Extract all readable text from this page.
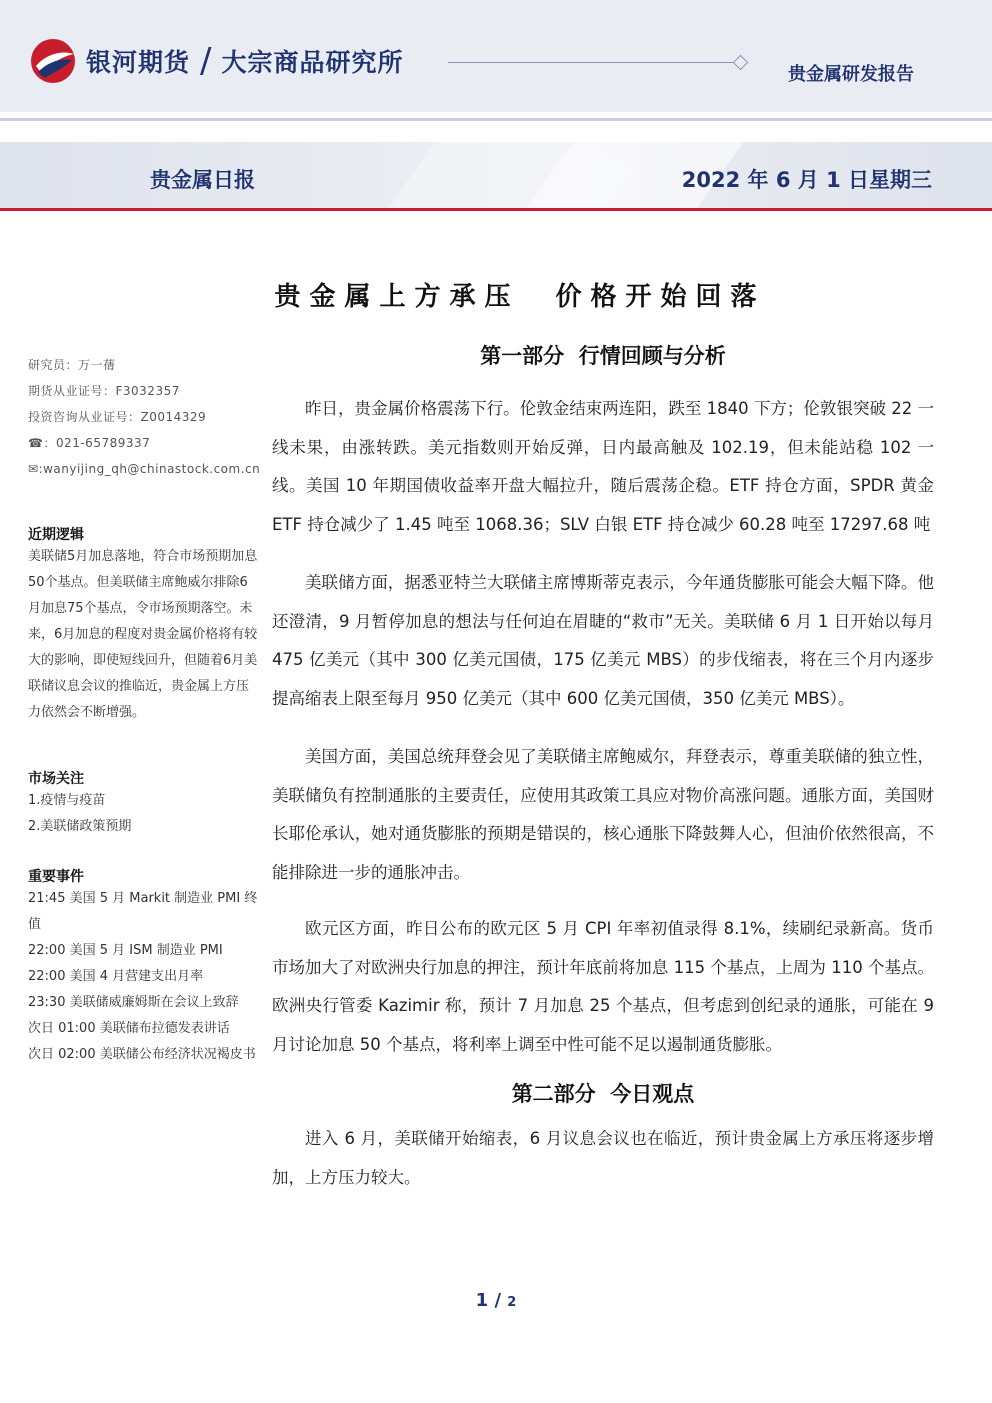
银河期货 / 大宗商品研究所	贵金属研发报告
贵金属日报	2022 年 6 月 1 日星期三
贵金属上方承压  价格开始回落
研究员：万一蒨
期货从业证号：F3032357
投资咨询从业证号：Z0014329
☎：021-65789337
✉:wanyijing_qh@chinastock.com.cn
近期逻辑
美联储5月加息落地，符合市场预期加息50个基点。但美联储主席鲍威尔排除6月加息75个基点，令市场预期落空。未来，6月加息的程度对贵金属价格将有较大的影响，即使短线回升，但随着6月美联储议息会议的推临近，贵金属上方压力依然会不断增强。
市场关注
1.疫情与疫苗
2.美联储政策预期
重要事件
21:45 美国 5 月 Markit 制造业 PMI 终值
22:00 美国 5 月 ISM 制造业 PMI
22:00 美国 4 月营建支出月率
23:30 美联储威廉姆斯在会议上致辞
次日 01:00 美联储布拉德发表讲话
次日 02:00 美联储公布经济状况褐皮书
第一部分  行情回顾与分析

昨日，贵金属价格震荡下行。伦敦金结束两连阳，跌至 1840 下方；伦敦银突破 22 一线未果，由涨转跌。美元指数则开始反弹，日内最高触及 102.19，但未能站稳 102 一线。美国 10 年期国债收益率开盘大幅拉升，随后震荡企稳。ETF 持仓方面，SPDR 黄金 ETF 持仓减少了 1.45 吨至 1068.36；SLV 白银 ETF 持仓减少 60.28 吨至 17297.68 吨

美联储方面，据悉亚特兰大联储主席博斯蒂克表示，今年通货膨胀可能会大幅下降。他还澄清，9 月暂停加息的想法与任何迫在眉睫的“救市”无关。美联储 6 月 1 日开始以每月 475 亿美元（其中 300 亿美元国债，175 亿美元 MBS）的步伐缩表，将在三个月内逐步提高缩表上限至每月 950 亿美元（其中 600 亿美元国债，350 亿美元 MBS）。

美国方面，美国总统拜登会见了美联储主席鲍威尔，拜登表示，尊重美联储的独立性，美联储负有控制通胀的主要责任，应使用其政策工具应对物价高涨问题。通胀方面，美国财长耶伦承认，她对通货膨胀的预期是错误的，核心通胀下降鼓舞人心，但油价依然很高，不能排除进一步的通胀冲击。

欧元区方面，昨日公布的欧元区 5 月 CPI 年率初值录得 8.1%，续刷纪录新高。货币市场加大了对欧洲央行加息的押注，预计年底前将加息 115 个基点，上周为 110 个基点。欧洲央行管委 Kazimir 称，预计 7 月加息 25 个基点，但考虑到创纪录的通胀，可能在 9 月讨论加息 50 个基点，将利率上调至中性可能不足以遏制通货膨胀。

第二部分  今日观点

进入 6 月，美联储开始缩表，6 月议息会议也在临近，预计贵金属上方承压将逐步增加，上方压力较大。

1 / 2
